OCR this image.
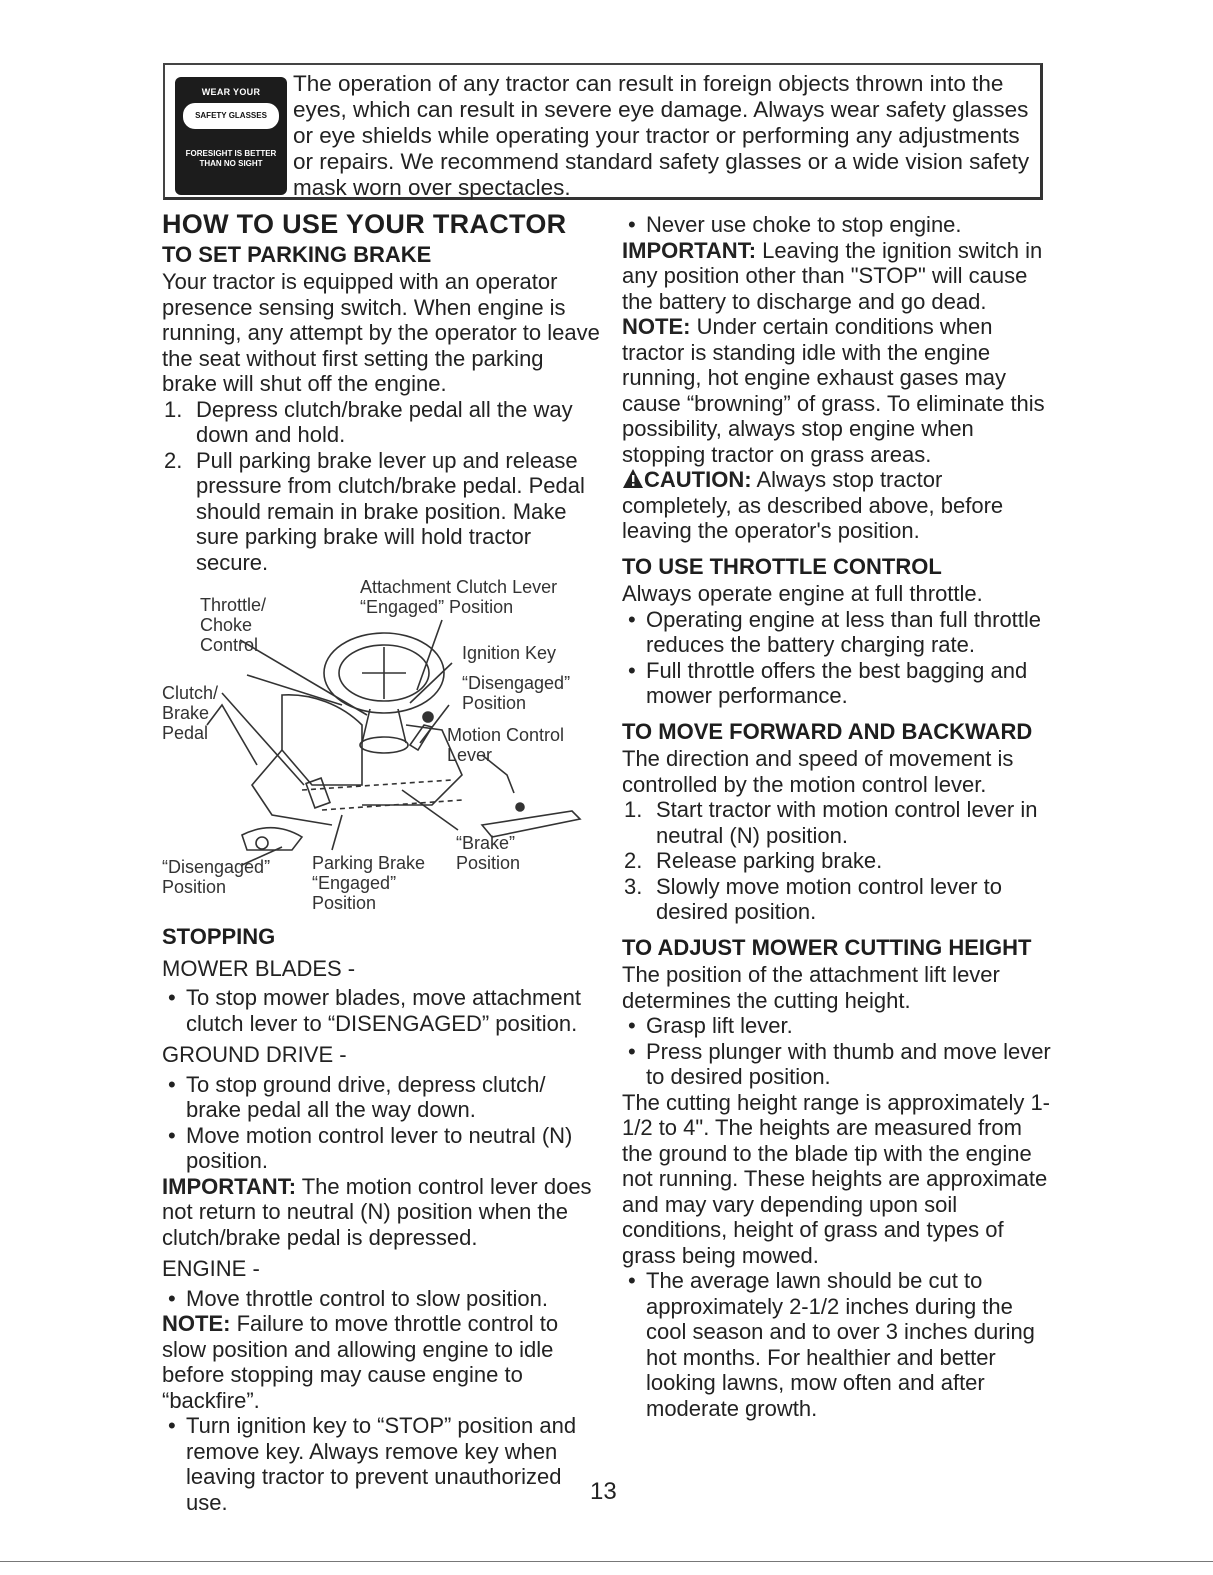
WEAR YOUR
SAFETY GLASSES
FORESIGHT IS BETTER
THAN NO SIGHT

The operation of any tractor can result in foreign objects thrown into the eyes, which can result in severe eye damage. Always wear safety glasses or eye shields while operating your tractor or performing any adjustments or repairs. We recommend standard safety glasses or a wide vision safety mask worn over spectacles.

HOW TO USE YOUR TRACTOR
TO SET PARKING BRAKE

Your tractor is equipped with an operator presence sensing switch. When engine is running, any attempt by the operator to leave the seat without first setting the parking brake will shut off the engine.

1. Depress clutch/brake pedal all the way down and hold.

2. Pull parking brake lever up and release pressure from clutch/brake pedal. Pedal should remain in brake position. Make sure parking brake will hold tractor secure.

Attachment Clutch Lever
“Engaged” Position
Throttle/
Choke
Control	Ignition Key
Clutch/
Brake
Pedal
“Disengaged”
Position
Motion Control
Lever
“Brake”
Position
“Disengaged”
Position
Parking Brake
“Engaged”
Position
STOPPING

MOWER BLADES -

• To stop mower blades, move attachment clutch lever to “DISENGAGED” position.

GROUND DRIVE -

• To stop ground drive, depress clutch/ brake pedal all the way down.

• Move motion control lever to neutral (N) position.

IMPORTANT: The motion control lever does not return to neutral (N) position when the clutch/brake pedal is depressed.

ENGINE -

• Move throttle control to slow position.

NOTE: Failure to move throttle control to slow position and allowing engine to idle before stopping may cause engine to “backfire”.

• Turn ignition key to “STOP” position and remove key. Always remove key when leaving tractor to prevent unauthorized use.

• Never use choke to stop engine.

IMPORTANT: Leaving the ignition switch in any position other than "STOP" will cause the battery to discharge and go dead.

NOTE: Under certain conditions when tractor is standing idle with the engine running, hot engine exhaust gases may cause “browning” of grass. To eliminate this possibility, always stop engine when stopping tractor on grass areas.

CAUTION: Always stop tractor completely, as described above, before leaving the operator's position.

TO USE THROTTLE CONTROL

Always operate engine at full throttle.

• Operating engine at less than full throttle reduces the battery charging rate.

• Full throttle offers the best bagging and mower performance.

TO MOVE FORWARD AND BACKWARD

The direction and speed of movement is controlled by the motion control lever.

1. Start tractor with motion control lever in neutral (N) position.

2. Release parking brake.

3. Slowly move motion control lever to desired position.

TO ADJUST MOWER CUTTING HEIGHT

The position of the attachment lift lever determines the cutting height.

• Grasp lift lever.

• Press plunger with thumb and move lever to desired position.

The cutting height range is approximately 1-1/2 to 4". The heights are measured from the ground to the blade tip with the engine not running. These heights are approximate and may vary depending upon soil conditions, height of grass and types of grass being mowed.

• The average lawn should be cut to approximately 2-1/2 inches during the cool season and to over 3 inches during hot months. For healthier and better looking lawns, mow often and after moderate growth.

13
